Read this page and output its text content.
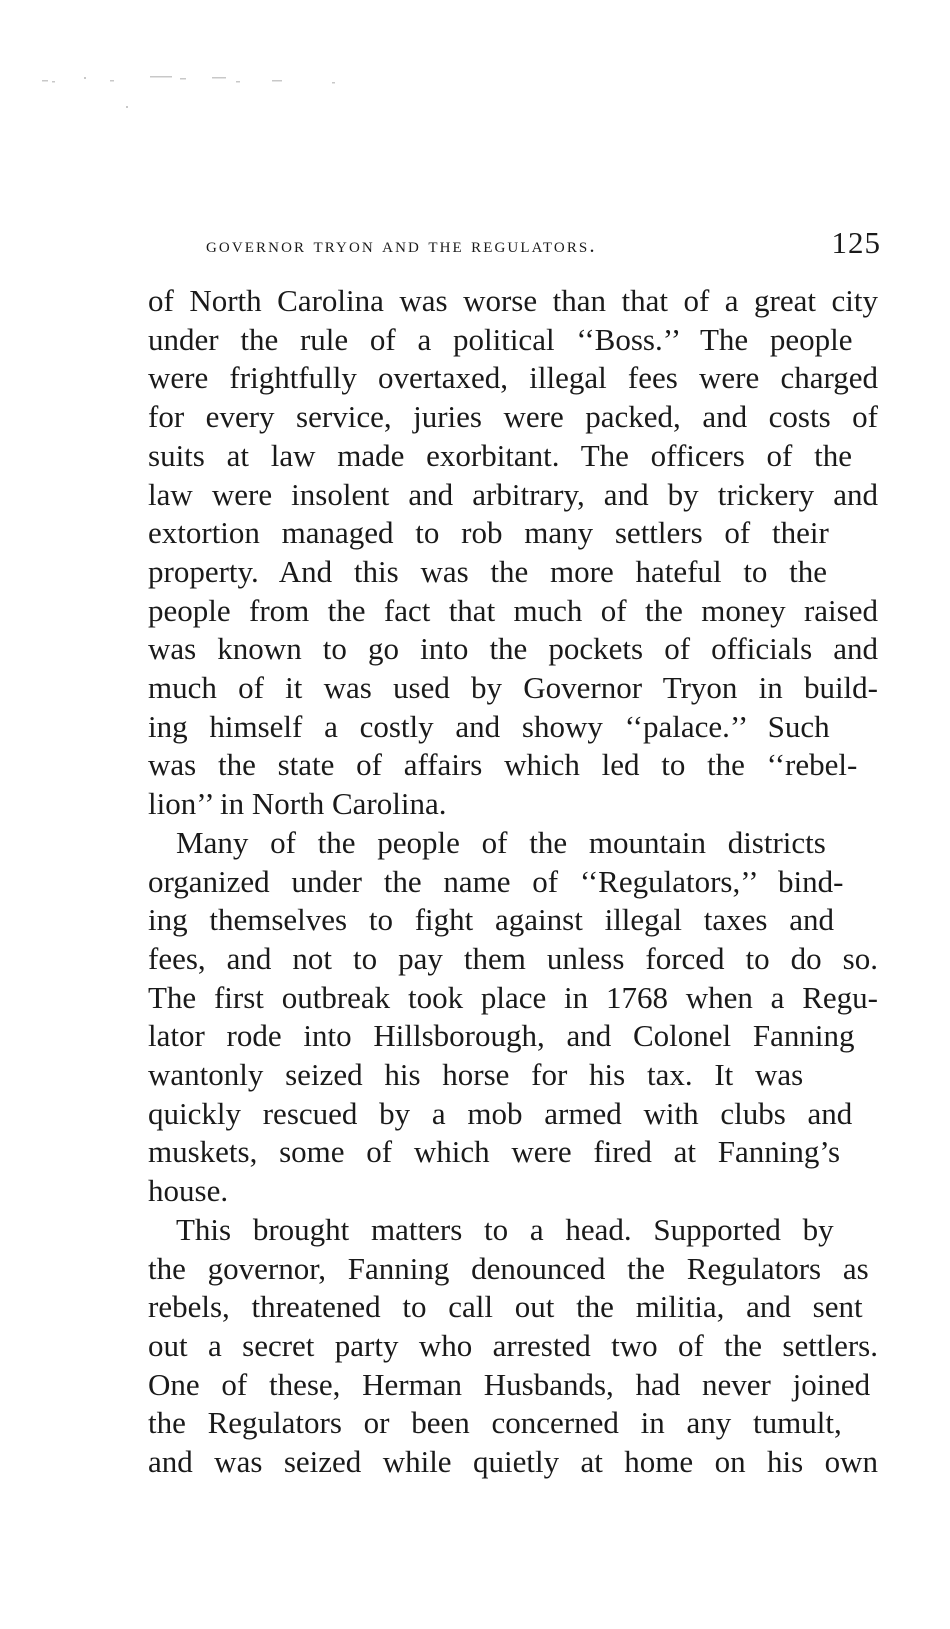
governor tryon and the regulators.	125

of North Carolina was worse than that of a great city
under the rule of a political ‘‘Boss.’’ The people
were frightfully overtaxed, illegal fees were charged
for every service, juries were packed, and costs of
suits at law made exorbitant. The officers of the
law were insolent and arbitrary, and by trickery and
extortion managed to rob many settlers of their
property. And this was the more hateful to the
people from the fact that much of the money raised
was known to go into the pockets of officials and
much of it was used by Governor Tryon in build-
ing himself a costly and showy ‘‘palace.’’ Such
was the state of affairs which led to the ‘‘rebel-
lion’’ in North Carolina.

Many of the people of the mountain districts
organized under the name of ‘‘Regulators,’’ bind-
ing themselves to fight against illegal taxes and
fees, and not to pay them unless forced to do so.
The first outbreak took place in 1768 when a Regu-
lator rode into Hillsborough, and Colonel Fanning
wantonly seized his horse for his tax. It was
quickly rescued by a mob armed with clubs and
muskets, some of which were fired at Fanning’s
house.

This brought matters to a head. Supported by
the governor, Fanning denounced the Regulators as
rebels, threatened to call out the militia, and sent
out a secret party who arrested two of the settlers.
One of these, Herman Husbands, had never joined
the Regulators or been concerned in any tumult,
and was seized while quietly at home on his own
